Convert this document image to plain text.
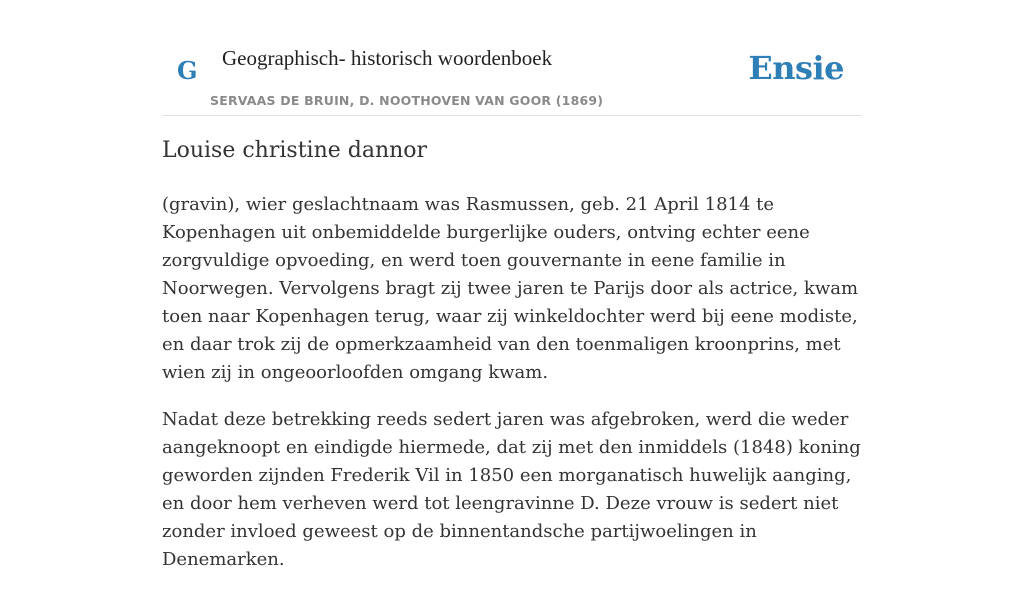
G Geographisch- historisch woordenboek
SERVAAS DE BRUIN, D. NOOTHOVEN VAN GOOR (1869)
Ensie
Louise christine dannor

(gravin), wier geslachtnaam was Rasmussen, geb. 21 April 1814 te Kopenhagen uit onbemiddelde burgerlijke ouders, ontving echter eene zorgvuldige opvoeding, en werd toen gouvernante in eene familie in Noorwegen. Vervolgens bragt zij twee jaren te Parijs door als actrice, kwam toen naar Kopenhagen terug, waar zij winkeldochter werd bij eene modiste, en daar trok zij de opmerkzaamheid van den toenmaligen kroonprins, met wien zij in ongeoorloofden omgang kwam.

Nadat deze betrekking reeds sedert jaren was afgebroken, werd die weder aangeknoopt en eindigde hiermede, dat zij met den inmiddels (1848) koning geworden zijnden Frederik Vil in 1850 een morganatisch huwelijk aanging, en door hem verheven werd tot leengravinne D. Deze vrouw is sedert niet zonder invloed geweest op de binnentandsche partijwoelingen in Denemarken.
